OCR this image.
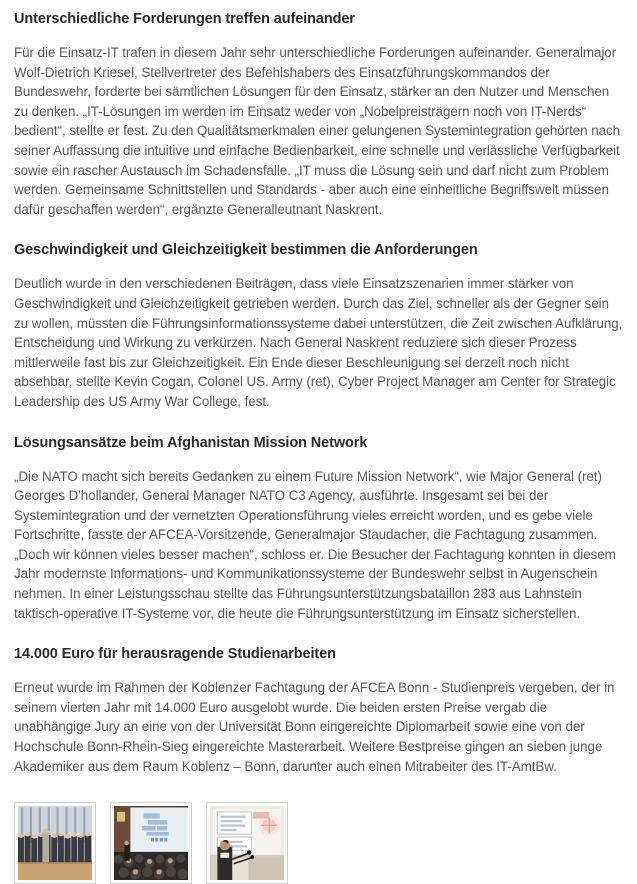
Unterschiedliche Forderungen treffen aufeinander

Für die Einsatz-IT trafen in diesem Jahr sehr unterschiedliche Forderungen aufeinander. Generalmajor Wolf-Dietrich Kriesel, Stellvertreter des Befehlshabers des Einsatzführungskommandos der Bundeswehr, forderte bei sämtlichen Lösungen für den Einsatz, stärker an den Nutzer und Menschen zu denken. „IT-Lösungen im werden im Einsatz weder von „Nobelpreisträgern noch von IT-Nerds“ bedient“, stellte er fest. Zu den Qualitätsmerkmalen einer gelungenen Systemintegration gehörten nach seiner Auffassung die intuitive und einfache Bedienbarkeit, eine schnelle und verlässliche Verfügbarkeit sowie ein rascher Austausch im Schadensfalle. „IT muss die Lösung sein und darf nicht zum Problem werden. Gemeinsame Schnittstellen und Standards - aber auch eine einheitliche Begriffswelt müssen dafür geschaffen werden“, ergänzte Generalleutnant Naskrent.

Geschwindigkeit und Gleichzeitigkeit bestimmen die Anforderungen

Deutlich wurde in den verschiedenen Beiträgen, dass viele Einsatzszenarien immer stärker von Geschwindigkeit und Gleichzeitigkeit getrieben werden. Durch das Ziel, schneller als der Gegner sein zu wollen, müssten die Führungsinformationssysteme dabei unterstützen, die Zeit zwischen Aufklärung, Entscheidung und Wirkung zu verkürzen. Nach General Naskrent reduziere sich dieser Prozess mittlerweile fast bis zur Gleichzeitigkeit. Ein Ende dieser Beschleunigung sei derzeit noch nicht absehbar, stellte Kevin Cogan, Colonel US. Army (ret), Cyber Project Manager am Center for Strategic Leadership des US Army War College, fest.

Lösungsansätze beim Afghanistan Mission Network

„Die NATO macht sich bereits Gedanken zu einem Future Mission Network“, wie Major General (ret) Georges D'hollander, General Manager NATO C3 Agency, ausführte. Insgesamt sei bei der Systemintegration und der vernetzten Operationsführung vieles erreicht worden, und es gebe viele Fortschritte, fasste der AFCEA-Vorsitzende, Generalmajor Staudacher, die Fachtagung zusammen. „Doch wir können vieles besser machen“, schloss er. Die Besucher der Fachtagung konnten in diesem Jahr modernste Informations- und Kommunikationssysteme der Bundeswehr selbst in Augenschein nehmen. In einer Leistungsschau stellte das Führungsunterstützungsbataillon 283 aus Lahnstein taktisch-operative IT-Systeme vor, die heute die Führungsunterstützung im Einsatz sicherstellen.

14.000 Euro für herausragende Studienarbeiten

Erneut wurde im Rahmen der Koblenzer Fachtagung der AFCEA Bonn - Studienpreis vergeben, der in seinem vierten Jahr mit 14.000 Euro ausgelobt wurde. Die beiden ersten Preise vergab die unabhängige Jury an eine von der Universität Bonn eingereichte Diplomarbeit sowie eine von der Hochschule Bonn-Rhein-Sieg eingereichte Masterarbeit. Weitere Bestpreise gingen an sieben junge Akademiker aus dem Raum Koblenz – Bonn, darunter auch einen Mitrabeiter des IT-AmtBw.
